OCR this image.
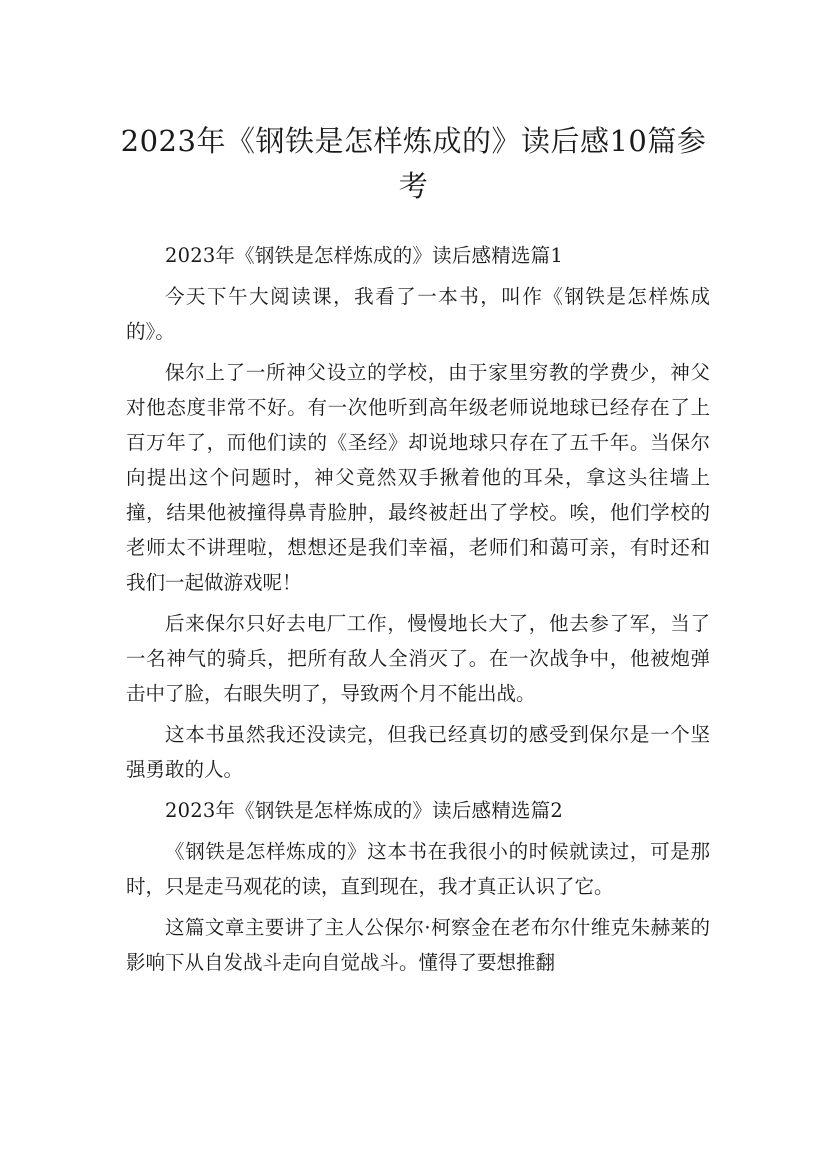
2023年《钢铁是怎样炼成的》读后感10篇参考

2023年《钢铁是怎样炼成的》读后感精选篇1

今天下午大阅读课，我看了一本书，叫作《钢铁是怎样炼成的》。

保尔上了一所神父设立的学校，由于家里穷教的学费少，神父对他态度非常不好。有一次他听到高年级老师说地球已经存在了上百万年了，而他们读的《圣经》却说地球只存在了五千年。当保尔向提出这个问题时，神父竟然双手揪着他的耳朵，拿这头往墙上撞，结果他被撞得鼻青脸肿，最终被赶出了学校。唉，他们学校的老师太不讲理啦，想想还是我们幸福，老师们和蔼可亲，有时还和我们一起做游戏呢！

后来保尔只好去电厂工作，慢慢地长大了，他去参了军，当了一名神气的骑兵，把所有敌人全消灭了。在一次战争中，他被炮弹击中了脸，右眼失明了，导致两个月不能出战。

这本书虽然我还没读完，但我已经真切的感受到保尔是一个坚强勇敢的人。

2023年《钢铁是怎样炼成的》读后感精选篇2

《钢铁是怎样炼成的》这本书在我很小的时候就读过，可是那时，只是走马观花的读，直到现在，我才真正认识了它。

这篇文章主要讲了主人公保尔·柯察金在老布尔什维克朱赫莱的影响下从自发战斗走向自觉战斗。懂得了要想推翻
